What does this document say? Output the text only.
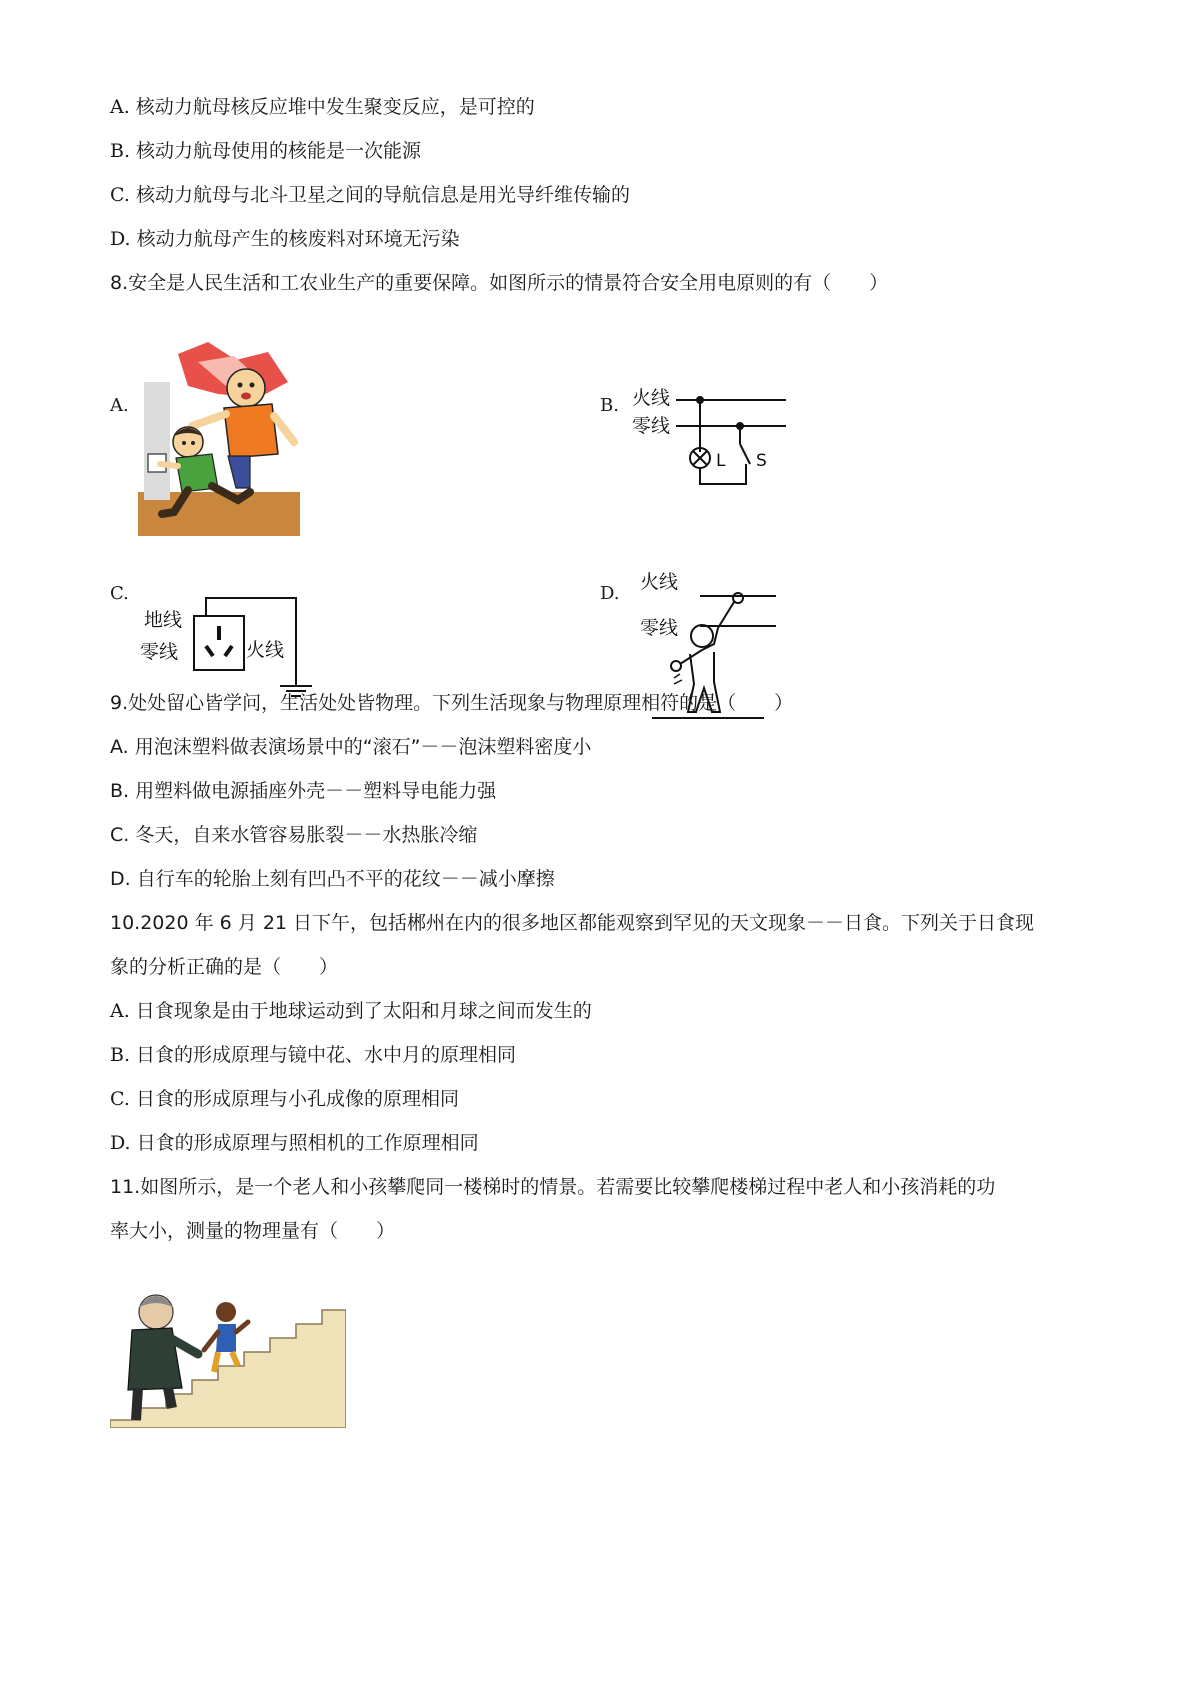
A. 核动力航母核反应堆中发生聚变反应，是可控的
B. 核动力航母使用的核能是一次能源
C. 核动力航母与北斗卫星之间的导航信息是用光导纤维传输的
D. 核动力航母产生的核废料对环境无污染
8.安全是人民生活和工农业生产的重要保障。如图所示的情景符合安全用电原则的有（　　）
A.	B. 火线
零线
L S
C.
地线
零线	火线
D.
火线
零线
9.处处留心皆学问，生活处处皆物理。下列生活现象与物理原理相符的是（　　）
A. 用泡沫塑料做表演场景中的“滚石”－－泡沫塑料密度小
B. 用塑料做电源插座外壳－－塑料导电能力强
C. 冬天，自来水管容易胀裂－－水热胀冷缩
D. 自行车的轮胎上刻有凹凸不平的花纹－－减小摩擦
10.2020 年 6 月 21 日下午，包括郴州在内的很多地区都能观察到罕见的天文现象－－日食。下列关于日食现
象的分析正确的是（　　）
A. 日食现象是由于地球运动到了太阳和月球之间而发生的
B. 日食的形成原理与镜中花、水中月的原理相同
C. 日食的形成原理与小孔成像的原理相同
D. 日食的形成原理与照相机的工作原理相同
11.如图所示，是一个老人和小孩攀爬同一楼梯时的情景。若需要比较攀爬楼梯过程中老人和小孩消耗的功
率大小，测量的物理量有（　　）
